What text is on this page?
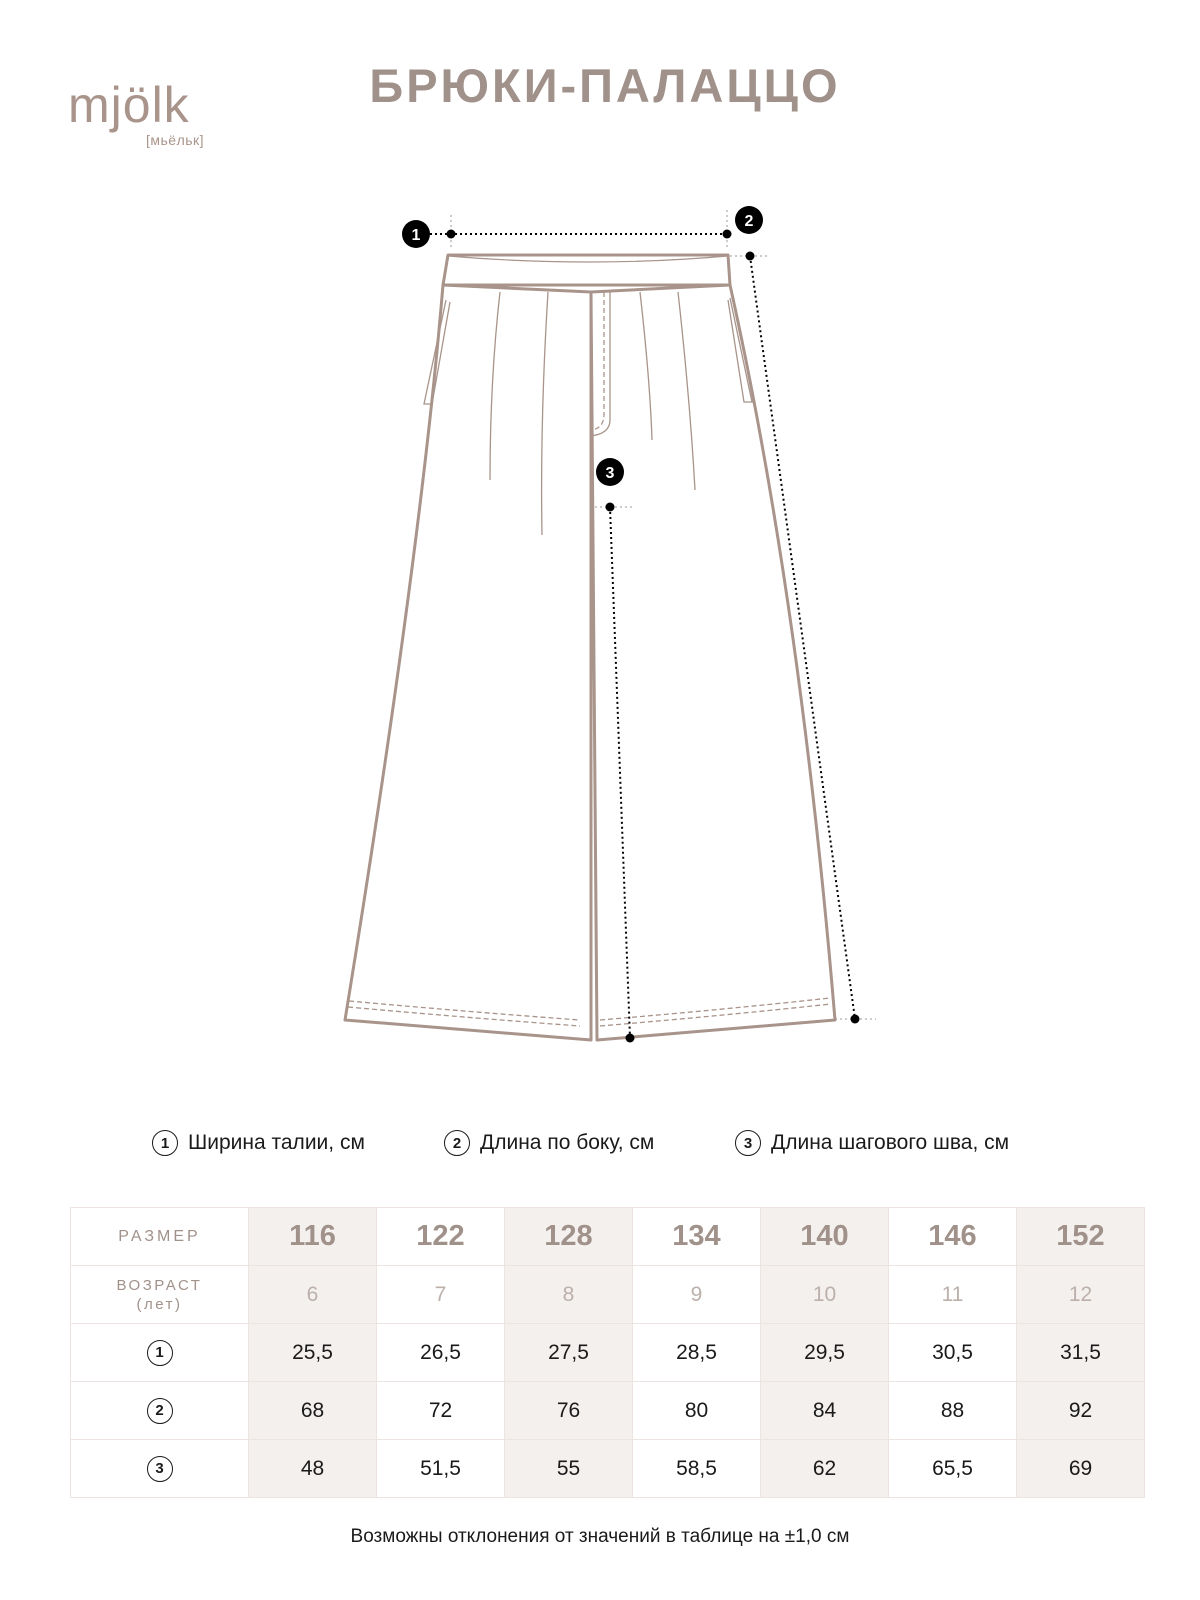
mjölk
[мьёльк]
БРЮКИ-ПАЛАЦЦО
1
2
3
1 Ширина талии, см	2 Длина по боку, см	3 Длина шагового шва, см
РАЗМЕР	116	122	128	134	140	146	152

ВОЗРАСТ
(лет)	6	7	8	9	10	11	12
1	25,5	26,5	27,5	28,5	29,5	30,5	31,5
2	68	72	76	80	84	88	92
3	48	51,5	55	58,5	62	65,5	69
Возможны отклонения от значений в таблице на ±1,0 см
